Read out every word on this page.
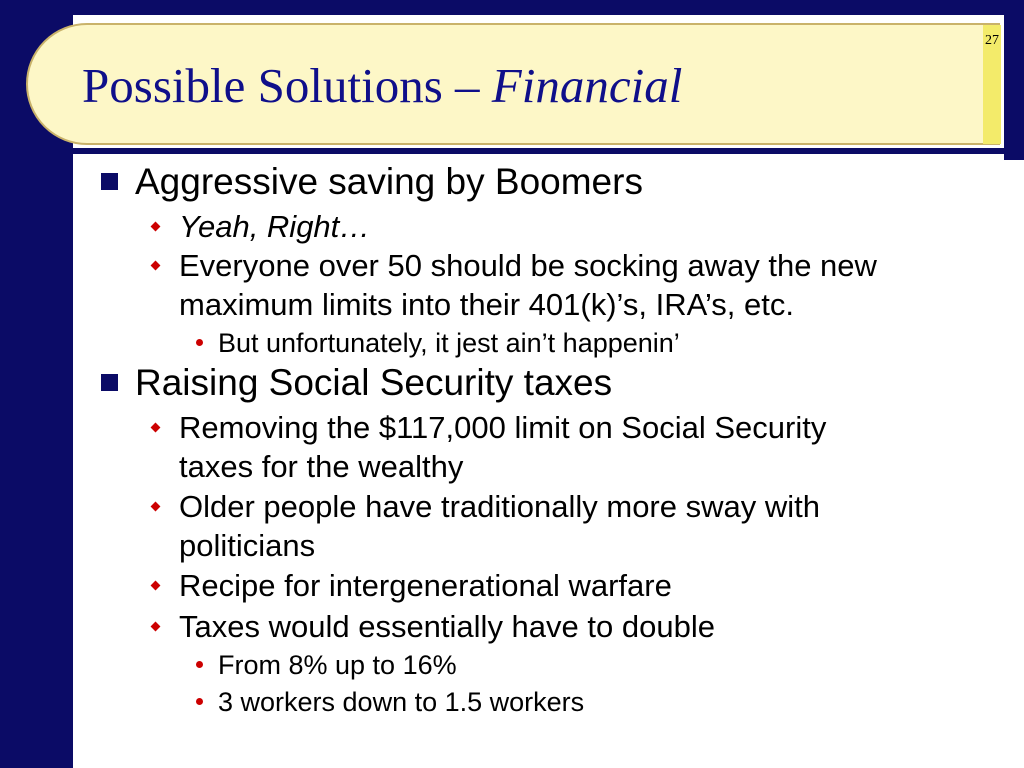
Possible Solutions – Financial
27
Aggressive saving by Boomers
Yeah, Right…
Everyone over 50 should be socking away the new
maximum limits into their 401(k)’s, IRA’s, etc.
But unfortunately, it jest ain’t happenin’
Raising Social Security taxes
Removing the $117,000 limit on Social Security
taxes for the wealthy
Older people have traditionally more sway with
politicians
Recipe for intergenerational warfare
Taxes would essentially have to double
From 8% up to 16%
3 workers down to 1.5 workers
